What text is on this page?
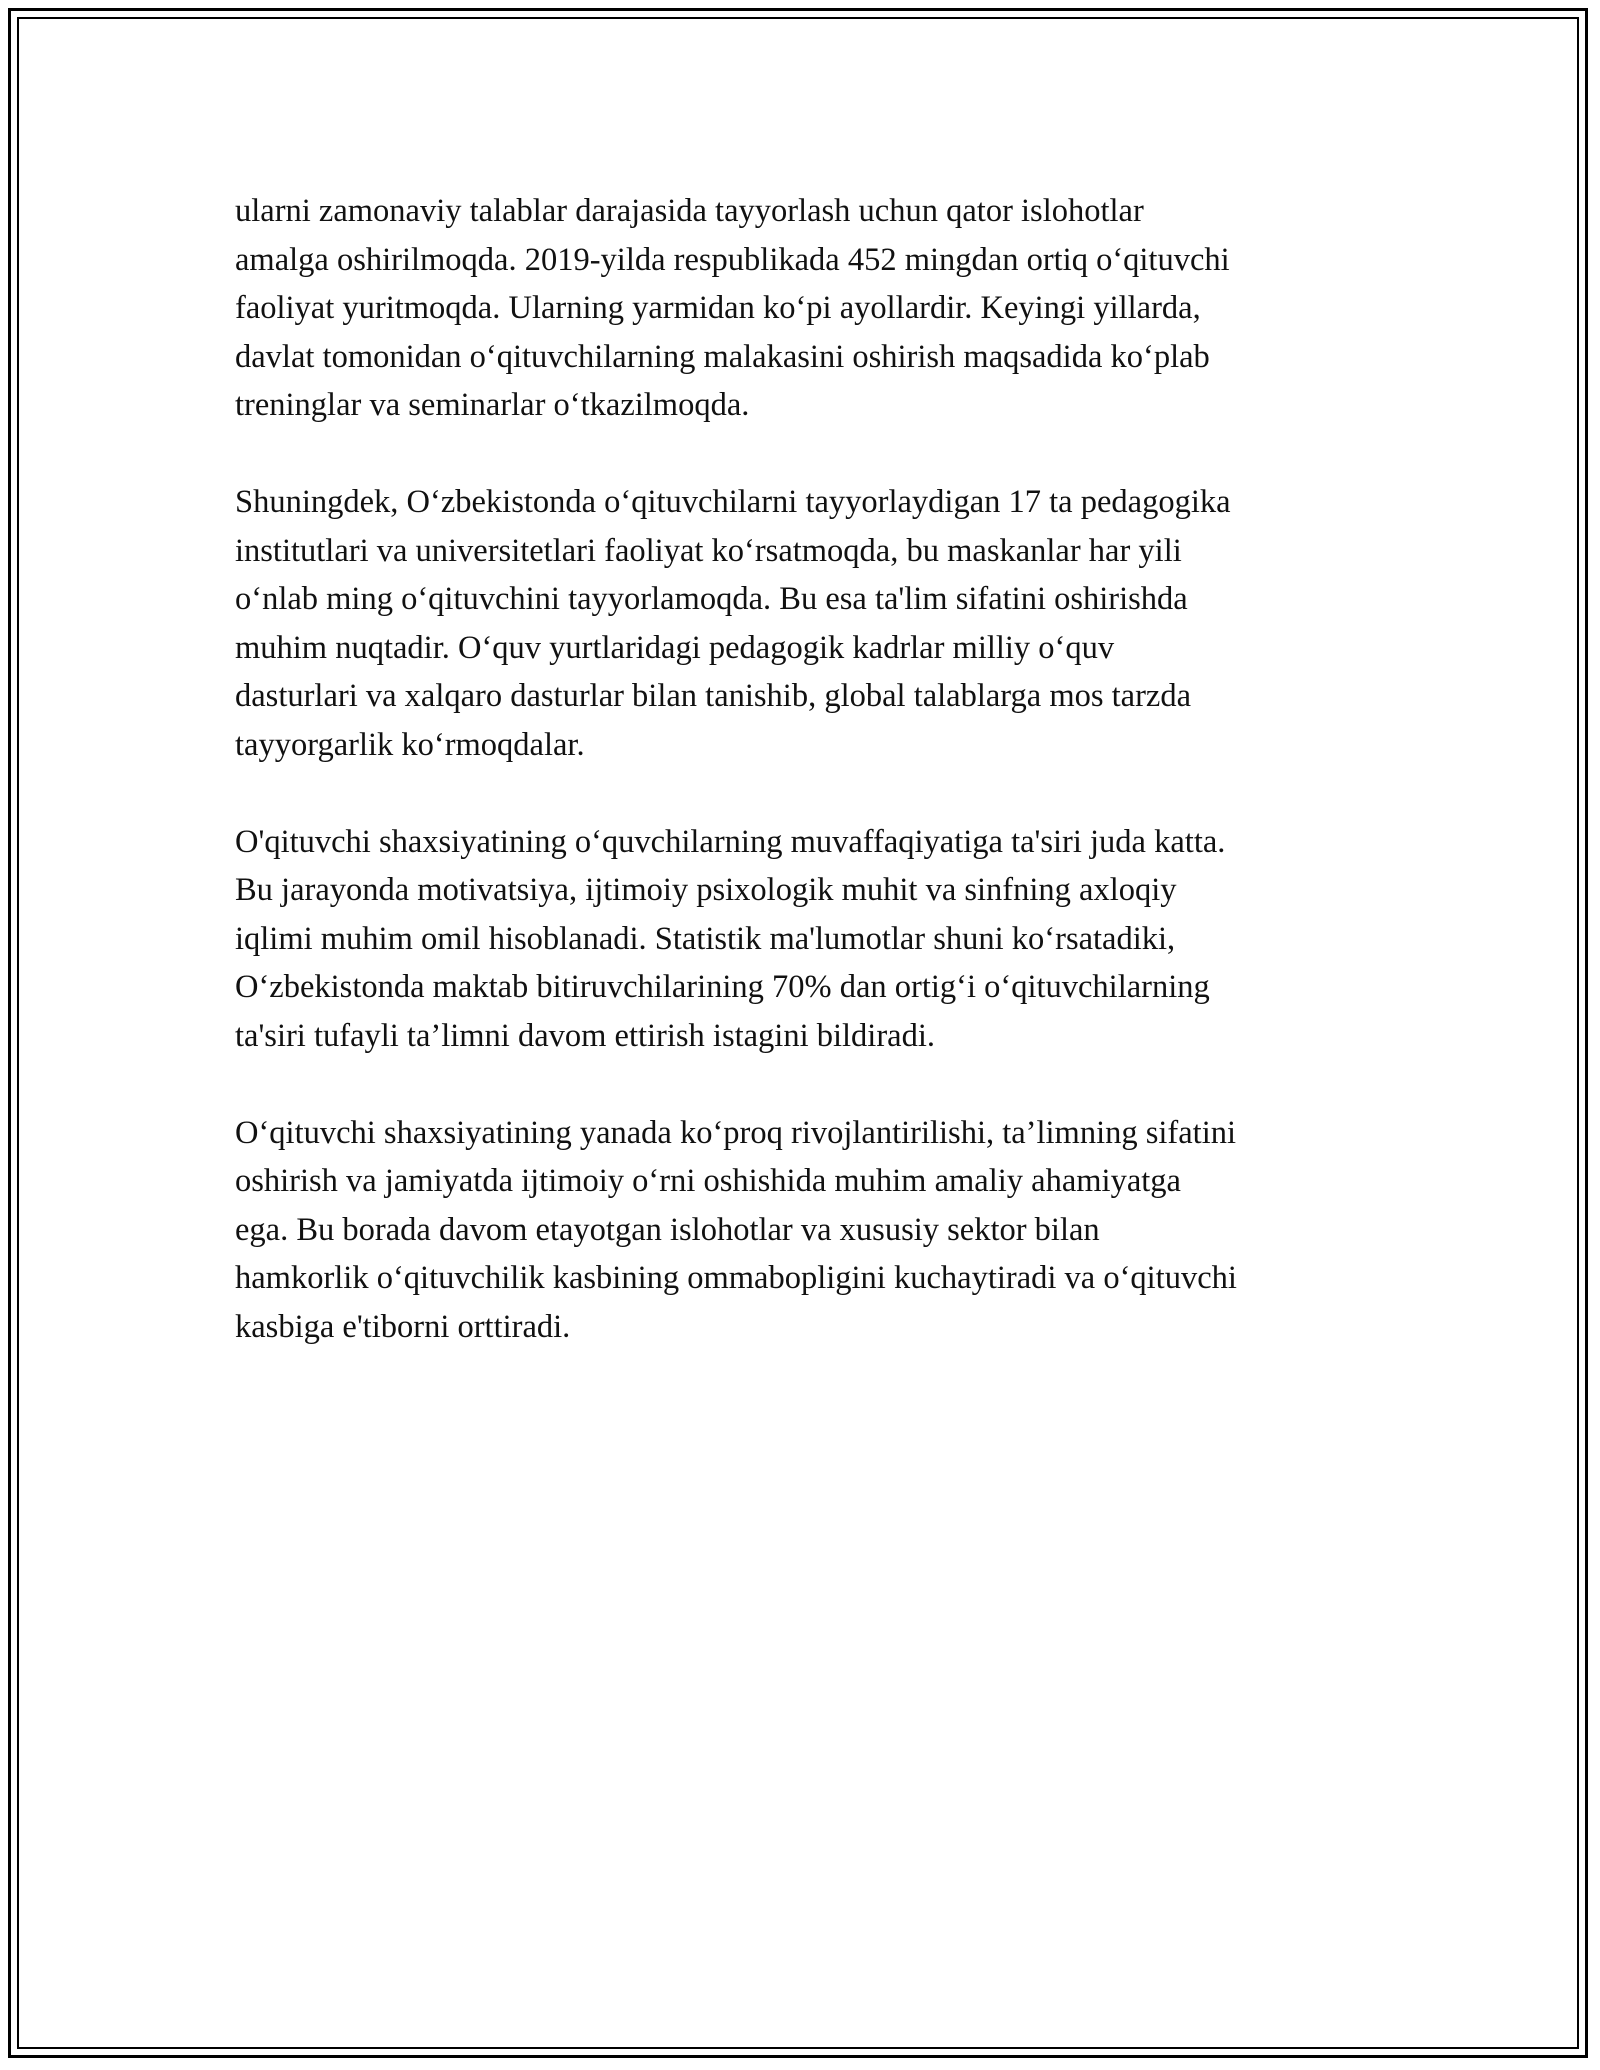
ularni zamonaviy talablar darajasida tayyorlash uchun qator islohotlar
amalga oshirilmoqda. 2019-yilda respublikada 452 mingdan ortiq o‘qituvchi
faoliyat yuritmoqda. Ularning yarmidan ko‘pi ayollardir. Keyingi yillarda,
davlat tomonidan o‘qituvchilarning malakasini oshirish maqsadida ko‘plab
treninglar va seminarlar o‘tkazilmoqda.

Shuningdek, O‘zbekistonda o‘qituvchilarni tayyorlaydigan 17 ta pedagogika
institutlari va universitetlari faoliyat ko‘rsatmoqda, bu maskanlar har yili
o‘nlab ming o‘qituvchini tayyorlamoqda. Bu esa ta'lim sifatini oshirishda
muhim nuqtadir. O‘quv yurtlaridagi pedagogik kadrlar milliy o‘quv
dasturlari va xalqaro dasturlar bilan tanishib, global talablarga mos tarzda
tayyorgarlik ko‘rmoqdalar.

O'qituvchi shaxsiyatining o‘quvchilarning muvaffaqiyatiga ta'siri juda katta.
Bu jarayonda motivatsiya, ijtimoiy psixologik muhit va sinfning axloqiy
iqlimi muhim omil hisoblanadi. Statistik ma'lumotlar shuni ko‘rsatadiki,
O‘zbekistonda maktab bitiruvchilarining 70% dan ortig‘i o‘qituvchilarning
ta'siri tufayli ta’limni davom ettirish istagini bildiradi.

O‘qituvchi shaxsiyatining yanada ko‘proq rivojlantirilishi, ta’limning sifatini
oshirish va jamiyatda ijtimoiy o‘rni oshishida muhim amaliy ahamiyatga
ega. Bu borada davom etayotgan islohotlar va xususiy sektor bilan
hamkorlik o‘qituvchilik kasbining ommabopligini kuchaytiradi va o‘qituvchi
kasbiga e'tiborni orttiradi.
